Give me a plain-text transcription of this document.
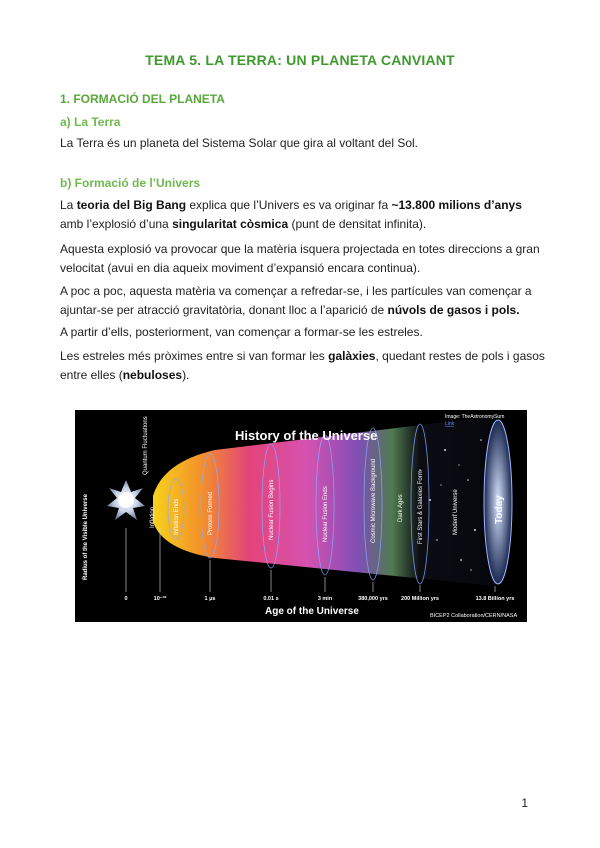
TEMA 5. LA TERRA: UN PLANETA CANVIANT
1. FORMACIÓ DEL PLANETA
a) La Terra
La Terra és un planeta del Sistema Solar que gira al voltant del Sol.
b) Formació de l’Univers
La teoria del Big Bang explica que l’Univers es va originar fa ~13.800 milions d’anys amb l’explosió d’una singularitat còsmica (punt de densitat infinita).
Aquesta explosió va provocar que la matèria isquera projectada en totes direccions a gran velocitat (avui en dia aqueix moviment d’expansió encara continua).
A poc a poc, aquesta matèria va començar a refredar-se, i les partícules van començar a ajuntar-se per atracció gravitatòria, donant lloc a l’aparició de núvols de gasos i pols.
A partir d’ells, posteriorment, van començar a formar-se les estreles.
Les estreles més pròximes entre si van formar les galàxies, quedant restes de pols i gasos entre elles (nebuloses).
History of the Universe
Image: TheAstronomySum
Link
Radius of the Visible Universe
Quantum Fluctuations
Inflation	Inflation Ends	Protons Formed	Nuclear Fusion Begins	Nuclear Fusion Ends	Cosmic Microwave Background	Dark Ages First Stars & Galaxies Form	Modern Universe	Today
0	10⁻³²	1 μs	0.01 s	3 min	380,000 yrs 200 Million yrs	13.8 Billion yrs
Age of the Universe	BICEP2 Collaboration/CERN/NASA
1
